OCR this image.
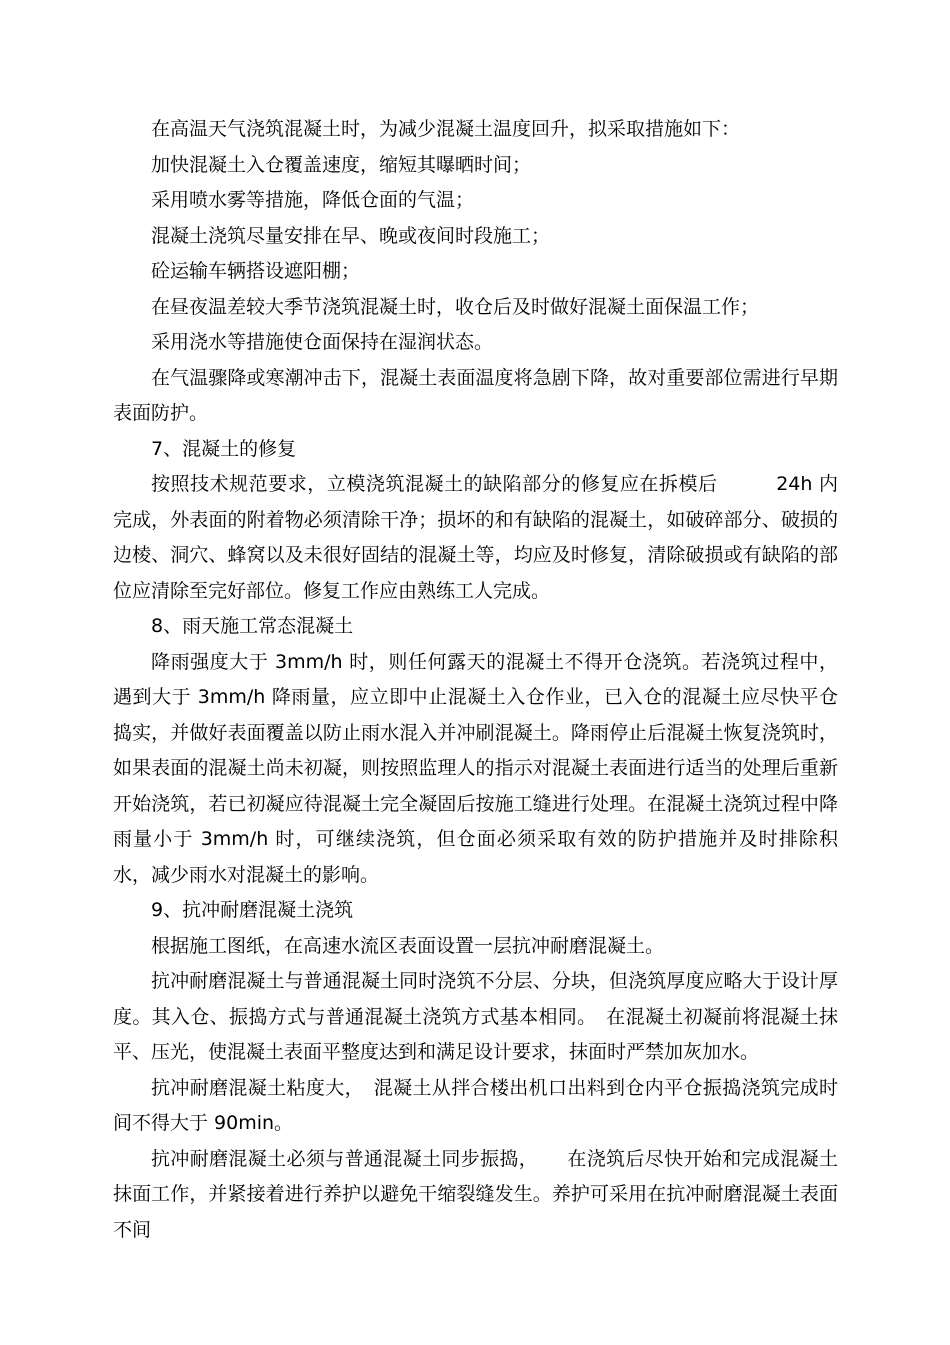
在高温天气浇筑混凝土时，为减少混凝土温度回升，拟采取措施如下：

加快混凝土入仓覆盖速度，缩短其曝晒时间；

采用喷水雾等措施，降低仓面的气温；

混凝土浇筑尽量安排在早、晚或夜间时段施工；

砼运输车辆搭设遮阳棚；

在昼夜温差较大季节浇筑混凝土时，收仓后及时做好混凝土面保温工作；

采用浇水等措施使仓面保持在湿润状态。

在气温骤降或寒潮冲击下，混凝土表面温度将急剧下降，故对重要部位需进行早期表面防护。

7、混凝土的修复

按照技术规范要求，立模浇筑混凝土的缺陷部分的修复应在拆模后　　　24h 内完成，外表面的附着物必须清除干净；损坏的和有缺陷的混凝土，如破碎部分、破损的边棱、洞穴、蜂窝以及未很好固结的混凝土等，均应及时修复，清除破损或有缺陷的部位应清除至完好部位。修复工作应由熟练工人完成。

8、雨天施工常态混凝土

降雨强度大于 3mm/h 时，则任何露天的混凝土不得开仓浇筑。若浇筑过程中，遇到大于 3mm/h 降雨量，应立即中止混凝土入仓作业，已入仓的混凝土应尽快平仓捣实，并做好表面覆盖以防止雨水混入并冲刷混凝土。降雨停止后混凝土恢复浇筑时，如果表面的混凝土尚未初凝，则按照监理人的指示对混凝土表面进行适当的处理后重新开始浇筑，若已初凝应待混凝土完全凝固后按施工缝进行处理。在混凝土浇筑过程中降雨量小于 3mm/h 时，可继续浇筑，但仓面必须采取有效的防护措施并及时排除积水，减少雨水对混凝土的影响。

9、抗冲耐磨混凝土浇筑

根据施工图纸，在高速水流区表面设置一层抗冲耐磨混凝土。

抗冲耐磨混凝土与普通混凝土同时浇筑不分层、分块，但浇筑厚度应略大于设计厚度。其入仓、振捣方式与普通混凝土浇筑方式基本相同。　在混凝土初凝前将混凝土抹平、压光，使混凝土表面平整度达到和满足设计要求，抹面时严禁加灰加水。

抗冲耐磨混凝土粘度大，　混凝土从拌合楼出机口出料到仓内平仓振捣浇筑完成时间不得大于 90min。

抗冲耐磨混凝土必须与普通混凝土同步振捣，　　在浇筑后尽快开始和完成混凝土抹面工作，并紧接着进行养护以避免干缩裂缝发生。养护可采用在抗冲耐磨混凝土表面不间
